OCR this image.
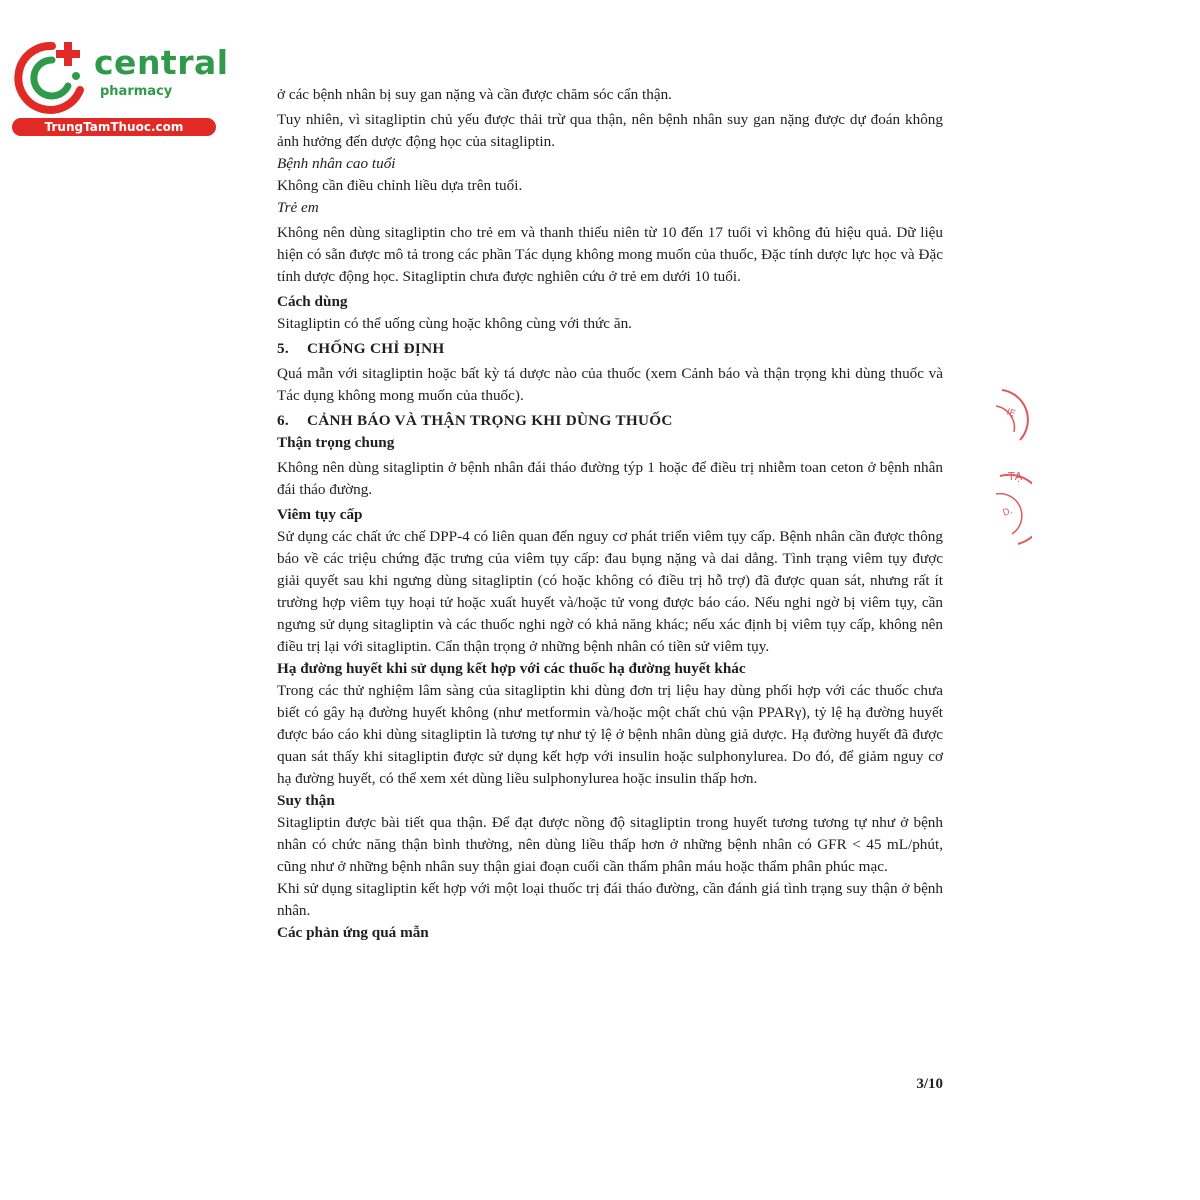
central
pharmacy
TrungTamThuoc.com

ở các bệnh nhân bị suy gan nặng và cần được chăm sóc cẩn thận.

Tuy nhiên, vì sitagliptin chủ yếu được thải trừ qua thận, nên bệnh nhân suy gan nặng được dự đoán không ảnh hưởng đến dược động học của sitagliptin.

Bệnh nhân cao tuổi

Không cần điều chỉnh liều dựa trên tuổi.

Trẻ em

Không nên dùng sitagliptin cho trẻ em và thanh thiếu niên từ 10 đến 17 tuổi vì không đủ hiệu quả. Dữ liệu hiện có sẵn được mô tả trong các phần Tác dụng không mong muốn của thuốc, Đặc tính dược lực học và Đặc tính dược động học. Sitagliptin chưa được nghiên cứu ở trẻ em dưới 10 tuổi.

Cách dùng

Sitagliptin có thể uống cùng hoặc không cùng với thức ăn.

5. CHỐNG CHỈ ĐỊNH

Quá mẫn với sitagliptin hoặc bất kỳ tá dược nào của thuốc (xem Cảnh báo và thận trọng khi dùng thuốc và Tác dụng không mong muốn của thuốc).

6. CẢNH BÁO VÀ THẬN TRỌNG KHI DÙNG THUỐC

Thận trọng chung

Không nên dùng sitagliptin ở bệnh nhân đái tháo đường týp 1 hoặc để điều trị nhiễm toan ceton ở bệnh nhân đái tháo đường.

Viêm tụy cấp

Sử dụng các chất ức chế DPP-4 có liên quan đến nguy cơ phát triển viêm tụy cấp. Bệnh nhân cần được thông báo về các triệu chứng đặc trưng của viêm tụy cấp: đau bụng nặng và dai dẳng. Tình trạng viêm tụy được giải quyết sau khi ngưng dùng sitagliptin (có hoặc không có điều trị hỗ trợ) đã được quan sát, nhưng rất ít trường hợp viêm tụy hoại tử hoặc xuất huyết và/hoặc tử vong được báo cáo. Nếu nghi ngờ bị viêm tụy, cần ngưng sử dụng sitagliptin và các thuốc nghi ngờ có khả năng khác; nếu xác định bị viêm tụy cấp, không nên điều trị lại với sitagliptin. Cẩn thận trọng ở những bệnh nhân có tiền sử viêm tụy.

Hạ đường huyết khi sử dụng kết hợp với các thuốc hạ đường huyết khác

Trong các thử nghiệm lâm sàng của sitagliptin khi dùng đơn trị liệu hay dùng phối hợp với các thuốc chưa biết có gây hạ đường huyết không (như metformin và/hoặc một chất chủ vận PPARγ), tỷ lệ hạ đường huyết được báo cáo khi dùng sitagliptin là tương tự như tỷ lệ ở bệnh nhân dùng giả dược. Hạ đường huyết đã được quan sát thấy khi sitagliptin được sử dụng kết hợp với insulin hoặc sulphonylurea. Do đó, để giảm nguy cơ hạ đường huyết, có thể xem xét dùng liều sulphonylurea hoặc insulin thấp hơn.

Suy thận

Sitagliptin được bài tiết qua thận. Để đạt được nồng độ sitagliptin trong huyết tương tương tự như ở bệnh nhân có chức năng thận bình thường, nên dùng liều thấp hơn ở những bệnh nhân có GFR < 45 mL/phút, cũng như ở những bệnh nhân suy thận giai đoạn cuối cần thẩm phân máu hoặc thẩm phân phúc mạc.

Khi sử dụng sitagliptin kết hợp với một loại thuốc trị đái tháo đường, cần đánh giá tình trạng suy thận ở bệnh nhân.

Các phản ứng quá mẫn

TẠ
IE
D.
3/10
